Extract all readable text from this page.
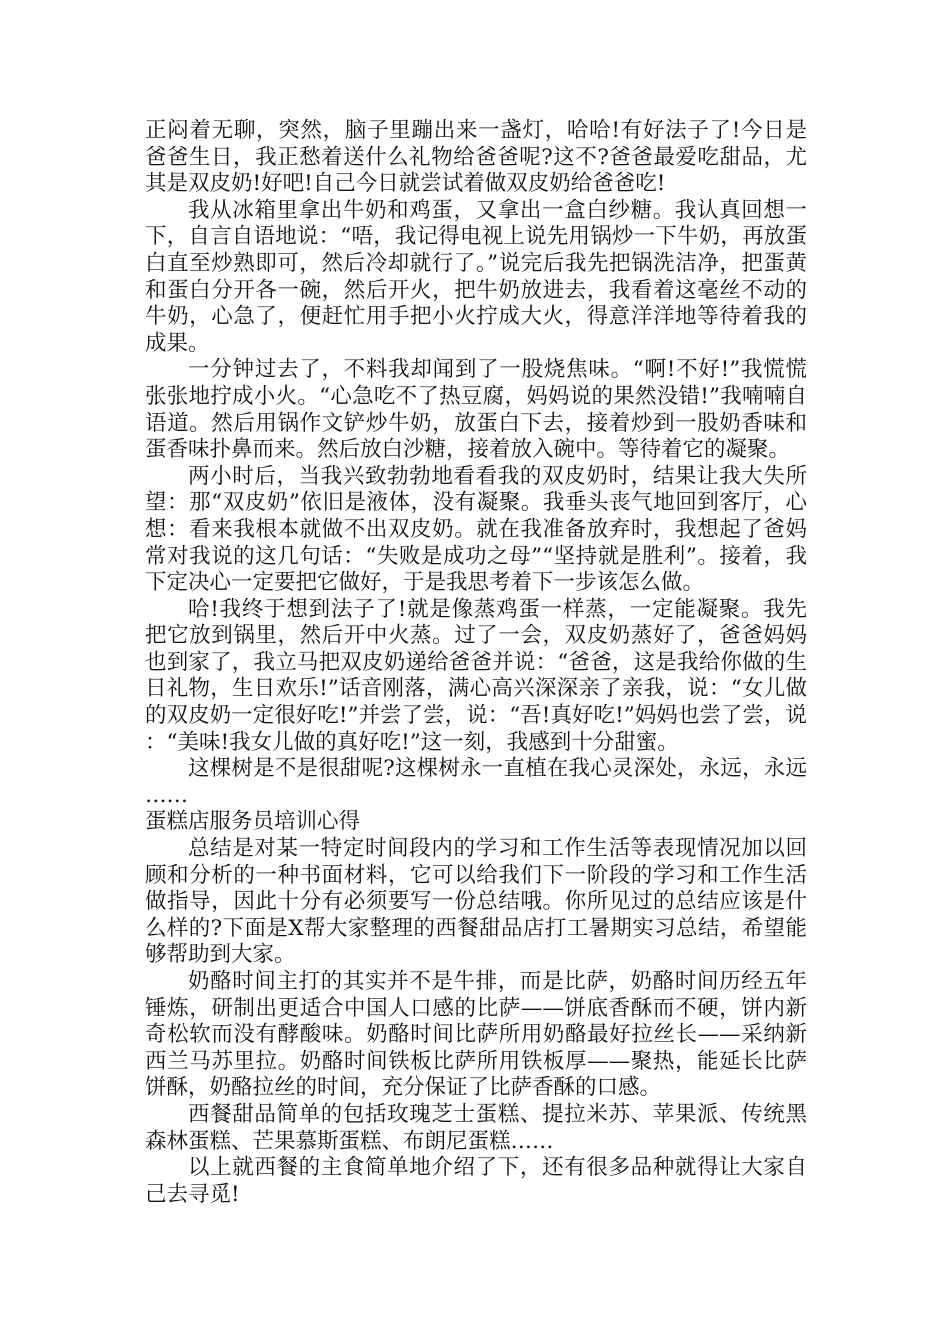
正闷着无聊，突然，脑子里蹦出来一盏灯，哈哈!有好法子了!今日是爸爸生日，我正愁着送什么礼物给爸爸呢?这不?爸爸最爱吃甜品，尤其是双皮奶!好吧!自己今日就尝试着做双皮奶给爸爸吃!

我从冰箱里拿出牛奶和鸡蛋，又拿出一盒白纱糖。我认真回想一下，自言自语地说：“唔，我记得电视上说先用锅炒一下牛奶，再放蛋白直至炒熟即可，然后冷却就行了。”说完后我先把锅洗洁净，把蛋黄和蛋白分开各一碗，然后开火，把牛奶放进去，我看着这毫丝不动的牛奶，心急了，便赶忙用手把小火拧成大火，得意洋洋地等待着我的成果。

一分钟过去了，不料我却闻到了一股烧焦味。“啊!不好!”我慌慌张张地拧成小火。“心急吃不了热豆腐，妈妈说的果然没错!”我喃喃自语道。然后用锅作文铲炒牛奶，放蛋白下去，接着炒到一股奶香味和蛋香味扑鼻而来。然后放白沙糖，接着放入碗中。等待着它的凝聚。

两小时后，当我兴致勃勃地看看我的双皮奶时，结果让我大失所望：那“双皮奶”依旧是液体，没有凝聚。我垂头丧气地回到客厅，心想：看来我根本就做不出双皮奶。就在我准备放弃时，我想起了爸妈常对我说的这几句话：“失败是成功之母”“坚持就是胜利”。接着，我下定决心一定要把它做好，于是我思考着下一步该怎么做。

哈!我终于想到法子了!就是像蒸鸡蛋一样蒸，一定能凝聚。我先把它放到锅里，然后开中火蒸。过了一会，双皮奶蒸好了，爸爸妈妈也到家了，我立马把双皮奶递给爸爸并说：“爸爸，这是我给你做的生日礼物，生日欢乐!”话音刚落，满心高兴深深亲了亲我，说：“女儿做的双皮奶一定很好吃!”并尝了尝，说：“吾!真好吃!”妈妈也尝了尝，说：“美味!我女儿做的真好吃!”这一刻，我感到十分甜蜜。

这棵树是不是很甜呢?这棵树永一直植在我心灵深处，永远，永远……

蛋糕店服务员培训心得

总结是对某一特定时间段内的学习和工作生活等表现情况加以回顾和分析的一种书面材料，它可以给我们下一阶段的学习和工作生活做指导，因此十分有必须要写一份总结哦。你所见过的总结应该是什么样的?下面是X帮大家整理的西餐甜品店打工暑期实习总结，希望能够帮助到大家。

奶酪时间主打的其实并不是牛排，而是比萨，奶酪时间历经五年锤炼，研制出更适合中国人口感的比萨——饼底香酥而不硬，饼内新奇松软而没有酵酸味。奶酪时间比萨所用奶酪最好拉丝长——采纳新西兰马苏里拉。奶酪时间铁板比萨所用铁板厚——聚热，能延长比萨饼酥，奶酪拉丝的时间，充分保证了比萨香酥的口感。

西餐甜品简单的包括玫瑰芝士蛋糕、提拉米苏、苹果派、传统黑森林蛋糕、芒果慕斯蛋糕、布朗尼蛋糕……

以上就西餐的主食简单地介绍了下，还有很多品种就得让大家自己去寻觅!
